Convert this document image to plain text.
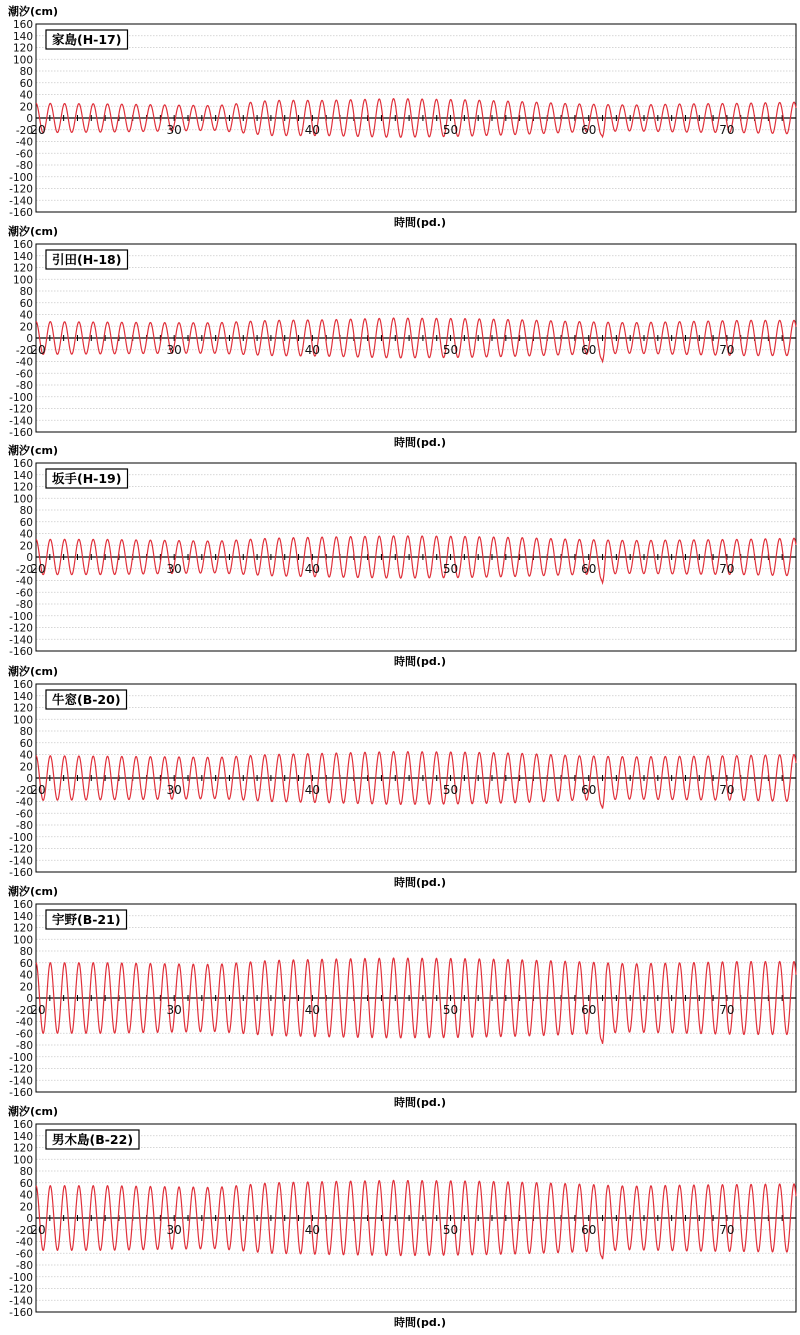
潮汐(cm)
160
140
120
100
80
60
40
20
0
-20
-40
-60
-80
-100
-120
-140
-160
家島(H-17)
20	30	40	50	60	70
時間(pd.)
潮汐(cm)
160
140
120
100
80
60
40
20
0
-20
-40
-60
-80
-100
-120
-140
-160
引田(H-18)
20	30	40	50	60	70
時間(pd.)
潮汐(cm)
160
140
120
100
80
60
40
20
0
-20
-40
-60
-80
-100
-120
-140
-160
坂手(H-19)
20	30	40	50	60	70
時間(pd.)
潮汐(cm)
160
140
120
100
80
60
40
20
0
-20
-40
-60
-80
-100
-120
-140
-160
牛窓(B-20)
20	30	40	50	60	70
時間(pd.)
潮汐(cm)
160
140
120
100
80
60
40
20
0
-20
-40
-60
-80
-100
-120
-140
-160
宇野(B-21)
20	30	40	50	60	70
時間(pd.)
潮汐(cm)
160
140
120
100
80
60
40
20
0
-20
-40
-60
-80
-100
-120
-140
-160
男木島(B-22)
20	30	40	50	60	70
時間(pd.)
